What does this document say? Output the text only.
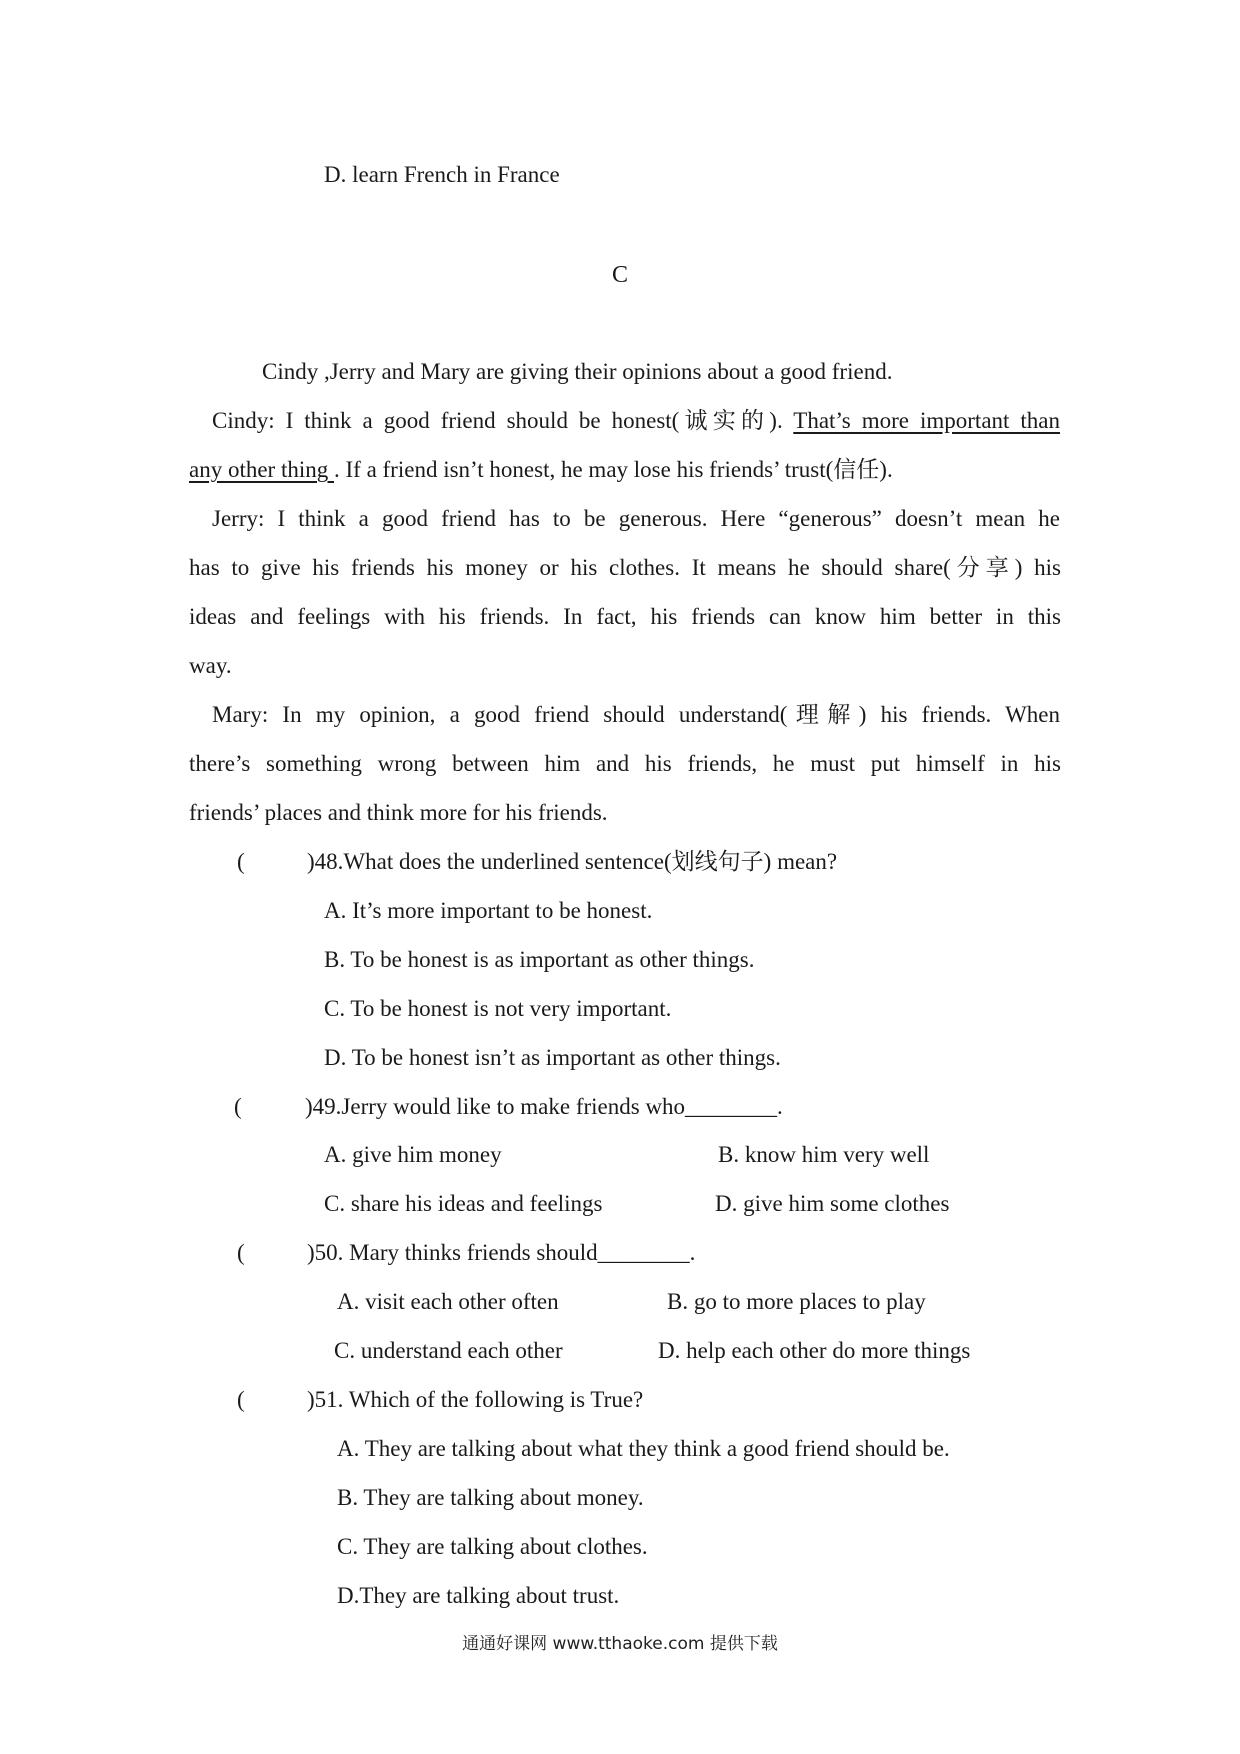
D. learn French in France
C
Cindy ,Jerry and Mary are giving their opinions about a good friend.
Cindy: I think a good friend should be honest(诚实的). That’s more important than
any other thing . If a friend isn’t honest, he may lose his friends’ trust(信任).
Jerry: I think a good friend has to be generous. Here “generous” doesn’t mean he
has to give his friends his money or his clothes. It means he should share(分享) his
ideas and feelings with his friends. In fact, his friends can know him better in this
way.
Mary: In my opinion, a good friend should understand(理解) his friends. When
there’s something wrong between him and his friends, he must put himself in his
friends’ places and think more for his friends.
(	)48.What does the underlined sentence(划线句子) mean?
A. It’s more important to be honest.
B. To be honest is as important as other things.
C. To be honest is not very important.
D. To be honest isn’t as important as other things.
(	)49.Jerry would like to make friends who________.
A. give him money	B. know him very well
C. share his ideas and feelings	D. give him some clothes
(	)50. Mary thinks friends should________.
A. visit each other often	B. go to more places to play
C. understand each other	D. help each other do more things
(	)51. Which of the following is True?
A. They are talking about what they think a good friend should be.
B. They are talking about money.
C. They are talking about clothes.
D.They are talking about trust.
通通好课网 www.tthaoke.com 提供下载
